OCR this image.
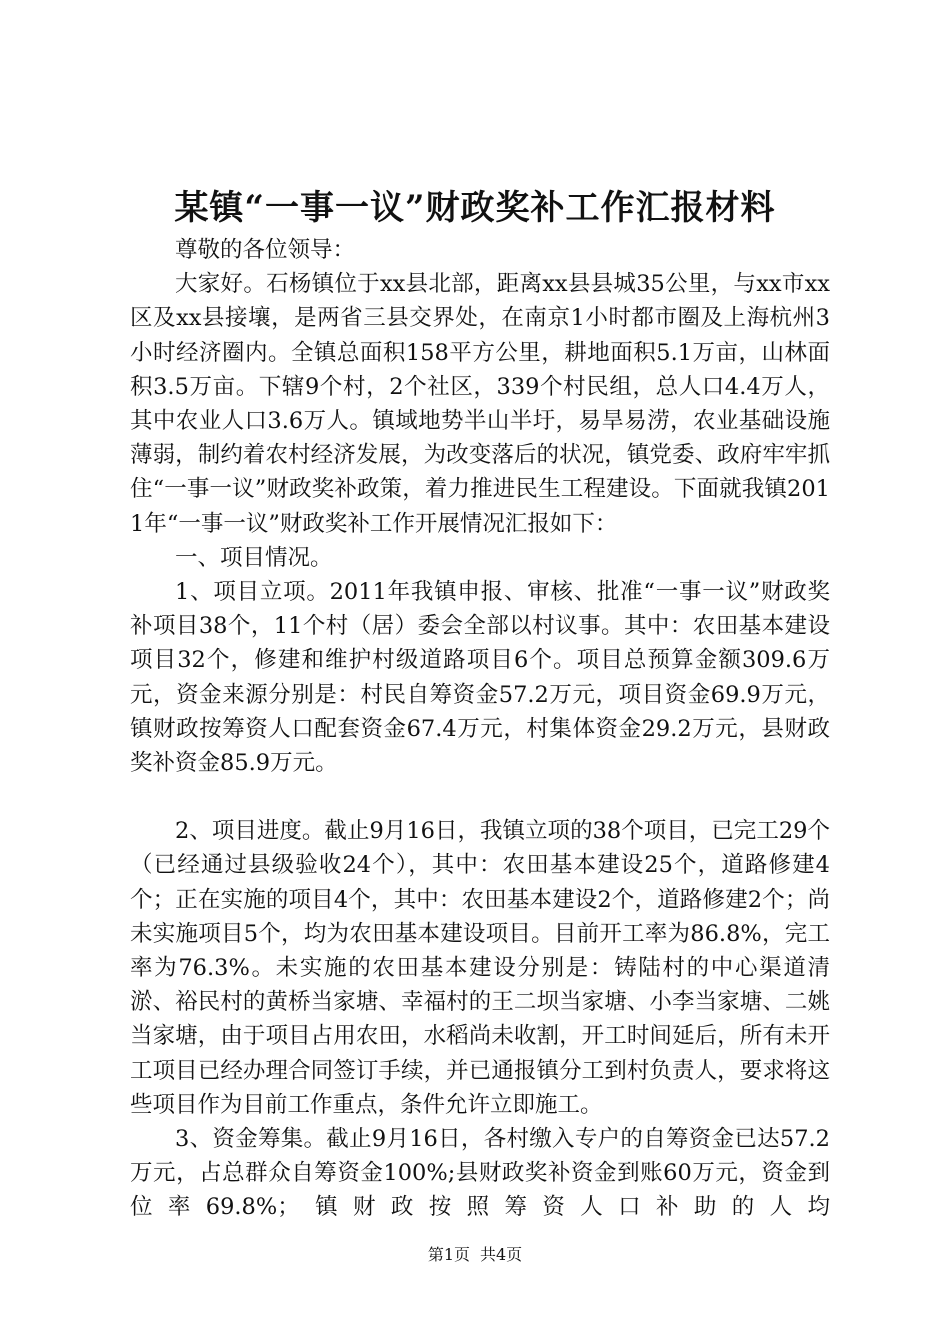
某镇“一事一议”财政奖补工作汇报材料

尊敬的各位领导：

大家好。石杨镇位于xx县北部，距离xx县县城35公里，与xx市xx区及xx县接壤，是两省三县交界处，在南京1小时都市圈及上海杭州3小时经济圈内。全镇总面积158平方公里，耕地面积5.1万亩，山林面积3.5万亩。下辖9个村，2个社区，339个村民组，总人口4.4万人，其中农业人口3.6万人。镇域地势半山半圩，易旱易涝，农业基础设施薄弱，制约着农村经济发展，为改变落后的状况，镇党委、政府牢牢抓住“一事一议”财政奖补政策，着力推进民生工程建设。下面就我镇2011年“一事一议”财政奖补工作开展情况汇报如下：

一、项目情况。

1、项目立项。2011年我镇申报、审核、批准“一事一议”财政奖补项目38个，11个村（居）委会全部以村议事。其中：农田基本建设项目32个，修建和维护村级道路项目6个。项目总预算金额309.6万元，资金来源分别是：村民自筹资金57.2万元，项目资金69.9万元，镇财政按筹资人口配套资金67.4万元，村集体资金29.2万元，县财政奖补资金85.9万元。

2、项目进度。截止9月16日，我镇立项的38个项目，已完工29个（已经通过县级验收24个），其中：农田基本建设25个，道路修建4个；正在实施的项目4个，其中：农田基本建设2个，道路修建2个；尚未实施项目5个，均为农田基本建设项目。目前开工率为86.8%，完工率为76.3%。未实施的农田基本建设分别是：铸陆村的中心渠道清淤、裕民村的黄桥当家塘、幸福村的王二坝当家塘、小李当家塘、二姚当家塘，由于项目占用农田，水稻尚未收割，开工时间延后，所有未开工项目已经办理合同签订手续，并已通报镇分工到村负责人，要求将这些项目作为目前工作重点，条件允许立即施工。

3、资金筹集。截止9月16日，各村缴入专户的自筹资金已达57.2万元，占总群众自筹资金100%;县财政奖补资金到账60万元，资金到位率69.8%；镇财政按照筹资人口补助的人均

第1页 共4页
